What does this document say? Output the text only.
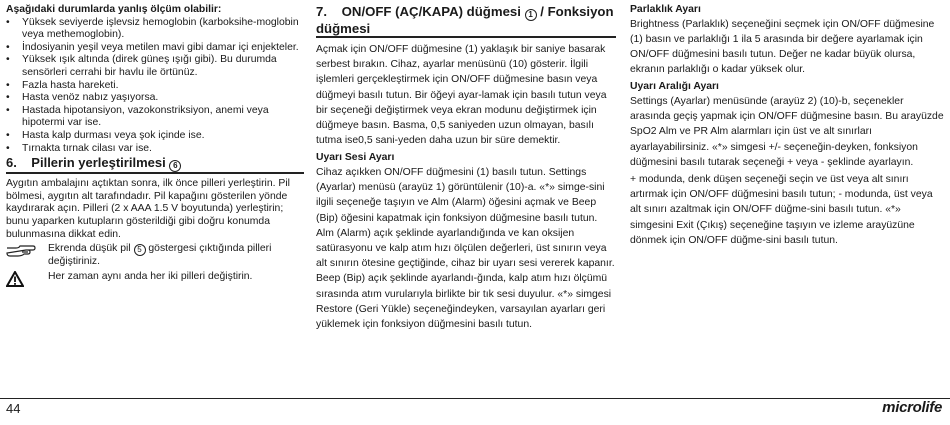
Aşağıdaki durumlarda yanlış ölçüm olabilir:

•	Yüksek seviyerde işlevsiz hemoglobin (karboksihe-moglobin veya methemoglobin).
•	İndosiyanin yeşil veya metilen mavi gibi damar içi enjekteler.
•	Yüksek ışık altında (direk güneş ışığı gibi). Bu durumda sensörleri cerrahi bir havlu ile örtünüz.
•	Fazla hasta hareketi.
•	Hasta venöz nabız yaşıyorsa.
•	Hastada hipotansiyon, vazokonstriksiyon, anemi veya hipotermi var ise.
•	Hasta kalp durması veya şok içinde ise.
•	Tırnakta tırnak cilası var ise.
6. Pillerin yerleştirilmesi 6

Aygıtın ambalajını açtıktan sonra, ilk önce pilleri yerleştirin. Pil bölmesi, aygıtın alt tarafındadır. Pil kapağını gösterilen yönde kaydırarak açın. Pilleri (2 x AAA 1.5 V boyutunda) yerleştirin; bunu yaparken kutupların gösterildiği gibi doğru konumda bulunmasına dikkat edin.

Ekrenda düşük pil 5 göstergesi çıktığında pilleri değiştiriniz.
Her zaman aynı anda her iki pilleri değiştirin.
7. ON/OFF (AÇ/KAPA) düğmesi 1 / Fonksiyon düğmesi

Açmak için ON/OFF düğmesine (1) yaklaşık bir saniye basarak serbest bırakın. Cihaz, ayarlar menüsünü (10) gösterir. İlgili işlemleri gerçekleştirmek için ON/OFF düğmesine basın veya düğmeyi basılı tutun. Bir öğeyi ayar-lamak için basılı tutun veya bir seçeneği değiştirmek veya ekran modunu değiştirmek için düğmeye basın. Basma, 0,5 saniyeden uzun olmayan, basılı tutma ise0,5 sani-yeden daha uzun bir süre demektir.

Uyarı Sesi Ayarı

Cihaz açıkken ON/OFF düğmesini (1) basılı tutun. Settings (Ayarlar) menüsü (arayüz 1) görüntülenir (10)-a. «*» simge-sini ilgili seçeneğe taşıyın ve Alm (Alarm) öğesini açmak ve Beep (Bip) öğesini kapatmak için fonksiyon düğmesine basılı tutun. Alm (Alarm) açık şeklinde ayarlandığında ve kan oksijen satürasyonu ve kalp atım hızı ölçülen değerleri, üst sınırın veya alt sınırın ötesine geçtiğinde, cihaz bir uyarı sesi vererek kapanır. Beep (Bip) açık şeklinde ayarlandı-ğında, kalp atım hızı ölçümü sırasında atım vurularıyla birlikte bir tık sesi duyulur. «*» simgesi Restore (Geri Yükle) seçeneğindeyken, varsayılan ayarları geri yüklemek için fonksiyon düğmesini basılı tutun.

Parlaklık Ayarı

Brightness (Parlaklık) seçeneğini seçmek için ON/OFF düğmesine (1) basın ve parlaklığı 1 ila 5 arasında bir değere ayarlamak için ON/OFF düğmesini basılı tutun. Değer ne kadar büyük olursa, ekranın parlaklığı o kadar yüksek olur.

Uyarı Aralığı Ayarı

Settings (Ayarlar) menüsünde (arayüz 2) (10)-b, seçenekler arasında geçiş yapmak için ON/OFF düğmesine basın. Bu arayüzde SpO2 Alm ve PR Alm alarmları için üst ve alt sınırları ayarlayabilirsiniz. «*» simgesi +/- seçeneğin-deyken, fonksiyon düğmesini basılı tutarak seçeneği + veya - şeklinde ayarlayın.

+ modunda, denk düşen seçeneği seçin ve üst veya alt sınırı artırmak için ON/OFF düğmesini basılı tutun; - modunda, üst veya alt sınırı azaltmak için ON/OFF düğme-sini basılı tutun. «*» simgesini Exit (Çıkış) seçeneğine taşıyın ve izleme arayüzüne dönmek için ON/OFF düğme-sini basılı tutun.

44	microlife
